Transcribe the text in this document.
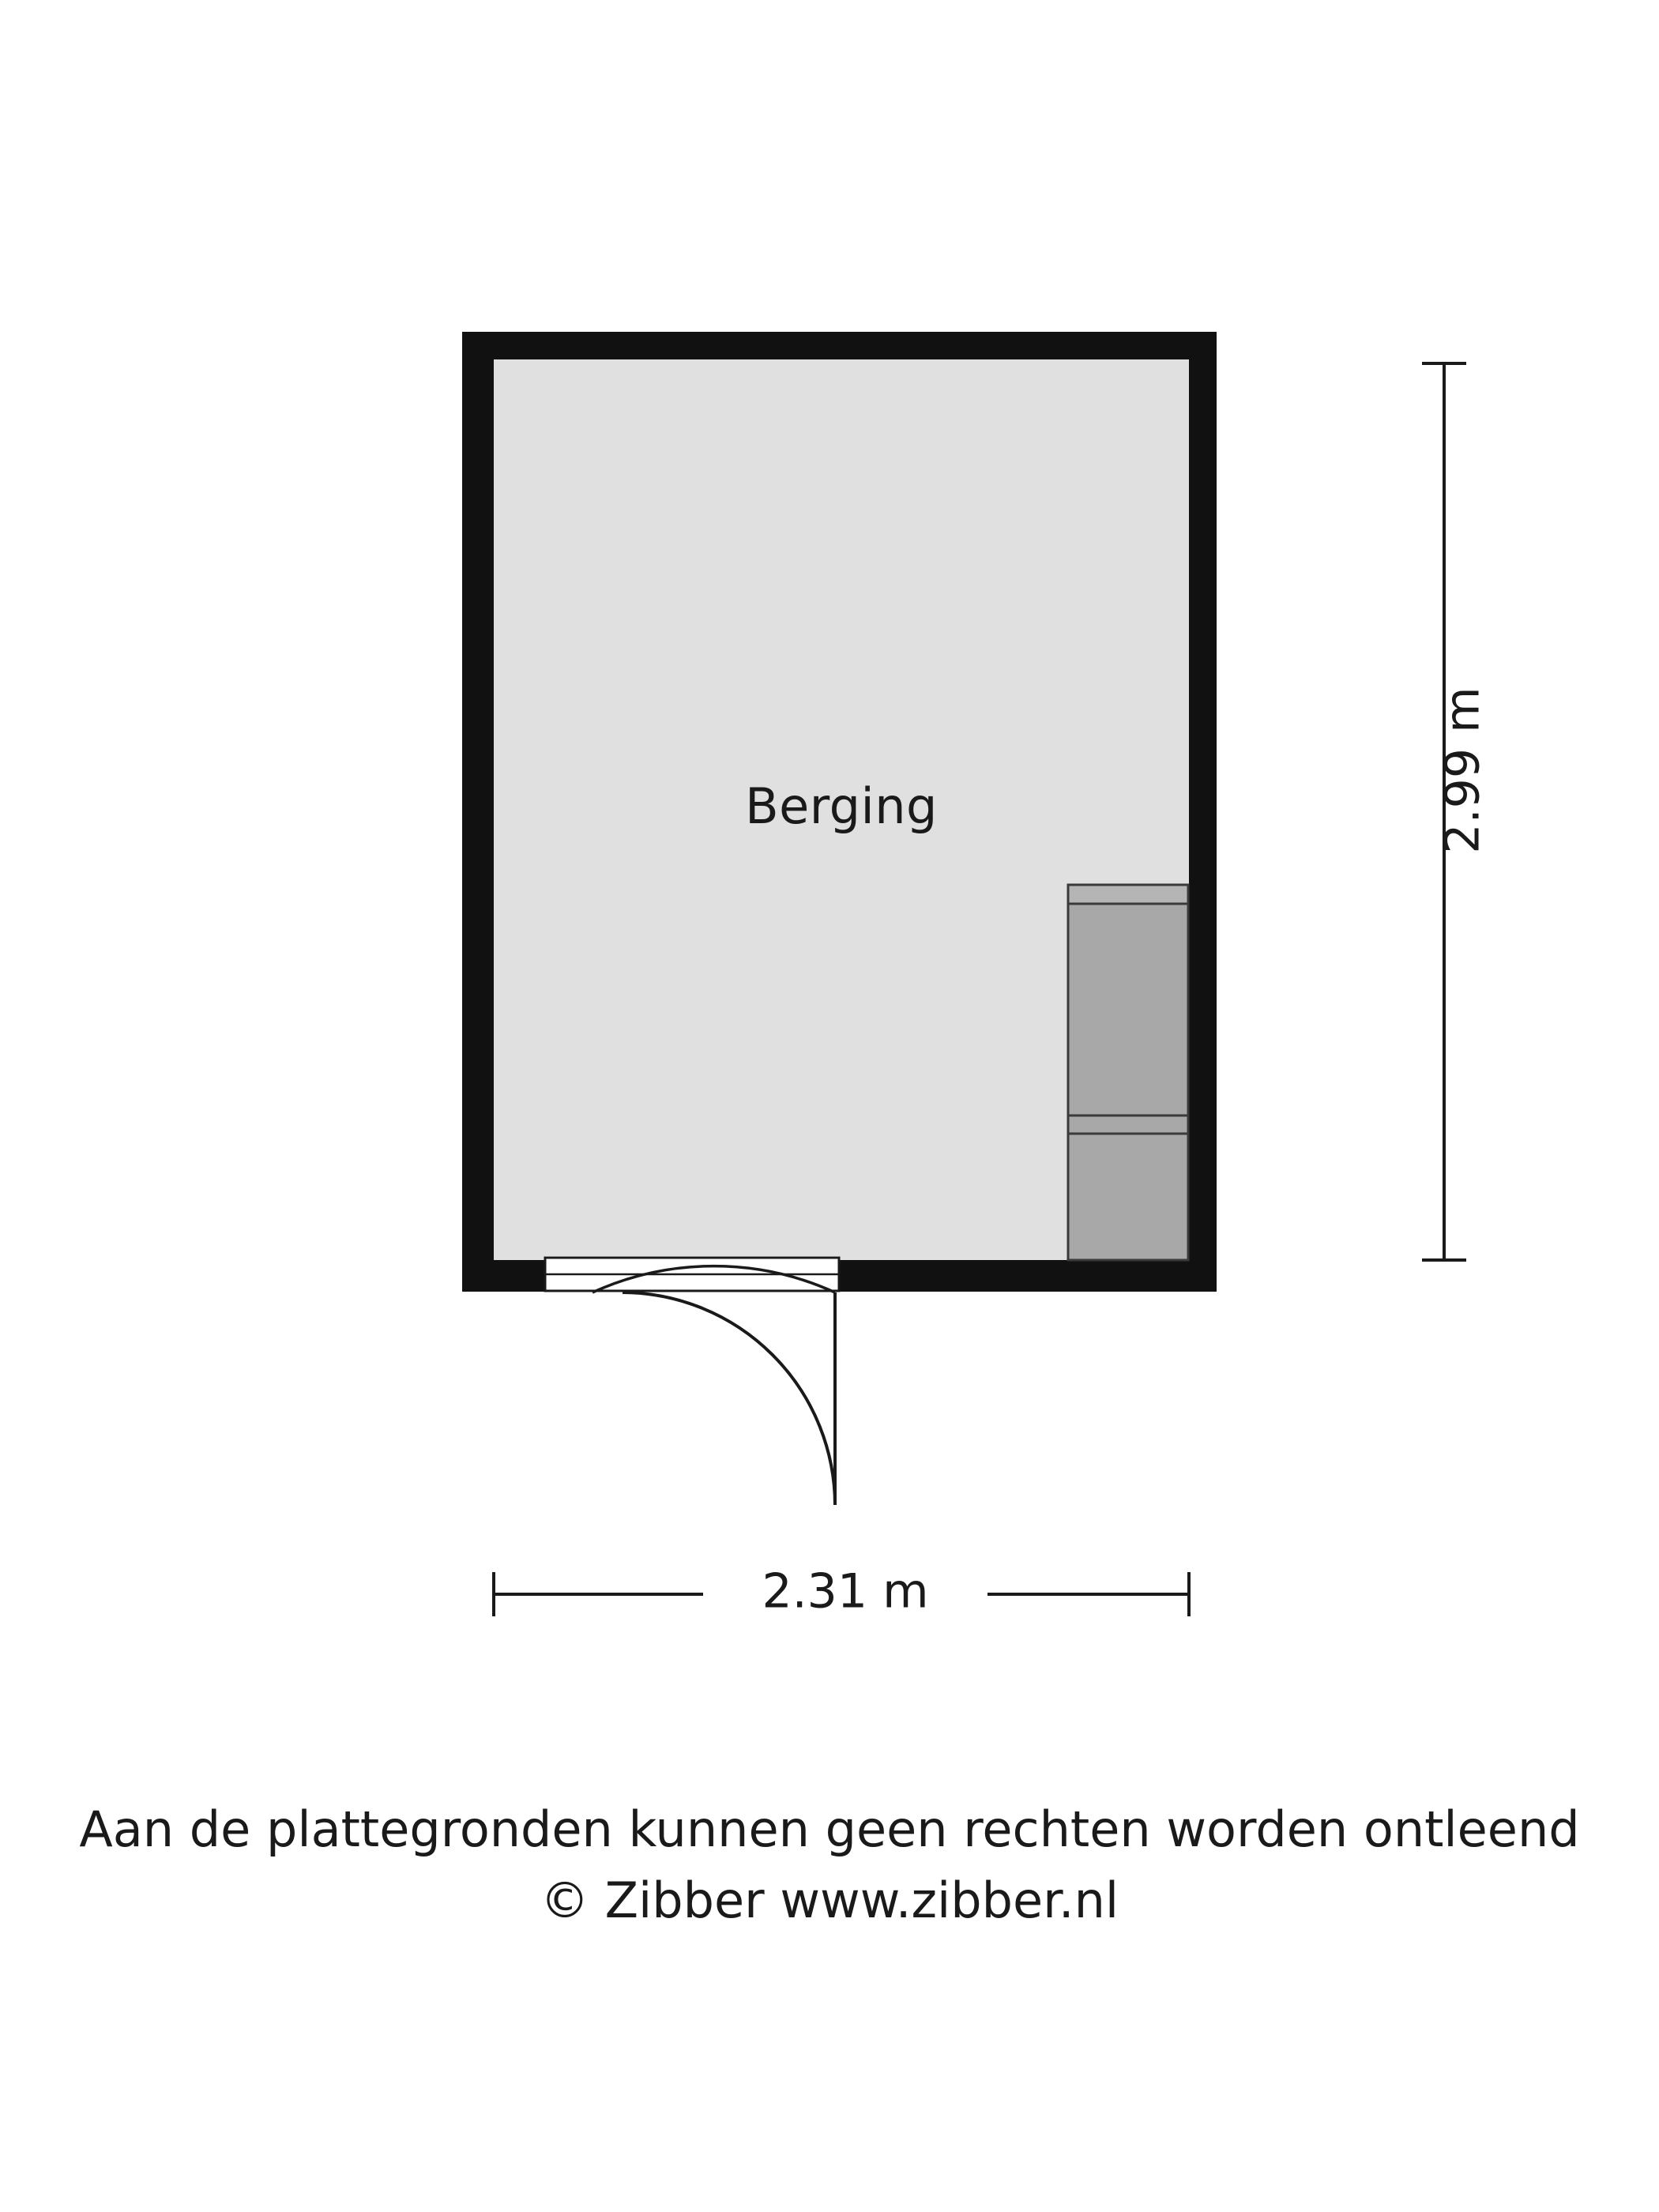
Berging	2.99 m
2.31 m
Aan de plattegronden kunnen geen rechten worden ontleend
© Zibber www.zibber.nl
